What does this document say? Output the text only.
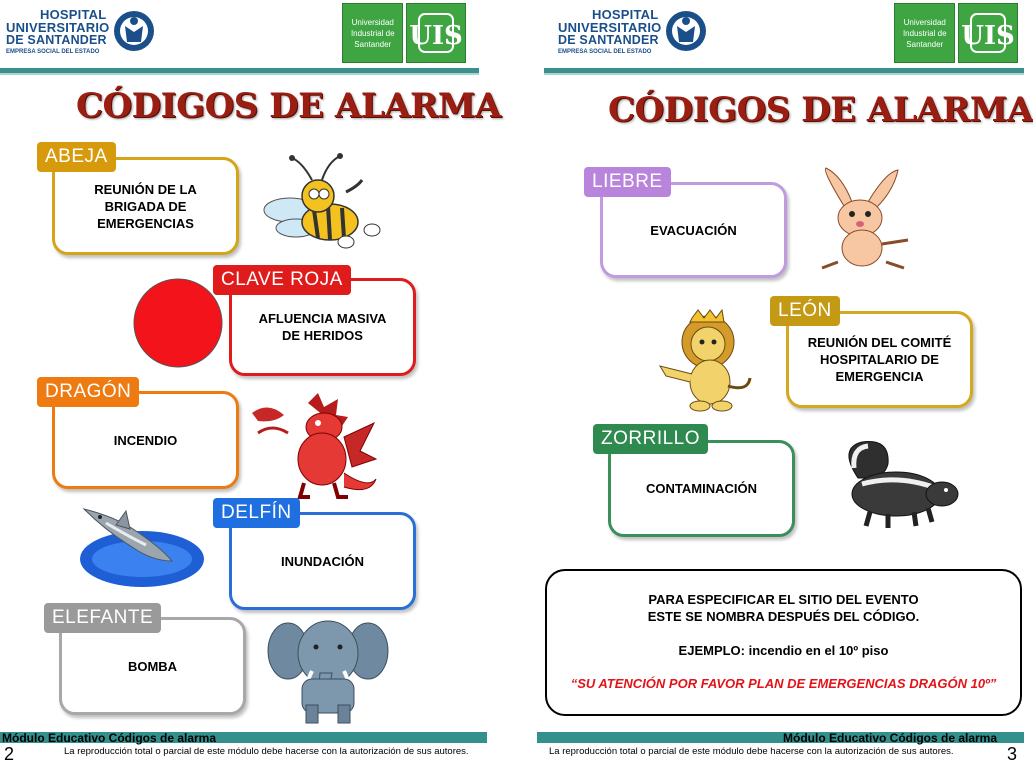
HOSPITAL
UNIVERSITARIO
DE SANTANDER
EMPRESA SOCIAL DEL ESTADO
Universidad
Industrial de
Santander UIS
CÓDIGOS DE ALARMA
REUNIÓN DE LA
BRIGADA DE
EMERGENCIAS
ABEJA
AFLUENCIA MASIVA
DE HERIDOS
CLAVE ROJA
INCENDIO
DRAGÓN
INUNDACIÓN
DELFÍN
BOMBA
ELEFANTE
Módulo Educativo Códigos de alarma
2	La reproducción total o parcial de este módulo debe hacerse con la autorización de sus autores.
HOSPITAL
UNIVERSITARIO
DE SANTANDER
EMPRESA SOCIAL DEL ESTADO
Universidad
Industrial de
Santander UIS
CÓDIGOS DE ALARMA
EVACUACIÓN
LIEBRE
REUNIÓN DEL COMITÉ
HOSPITALARIO DE
EMERGENCIA
LEÓN
CONTAMINACIÓN
ZORRILLO
Módulo Educativo Códigos de alarma
La reproducción total o parcial de este módulo debe hacerse con la autorización de sus autores.	3
PARA ESPECIFICAR EL SITIO DEL EVENTO
ESTE SE NOMBRA DESPUÉS DEL CÓDIGO.
EJEMPLO: incendio en el 10º piso
“SU ATENCIÓN POR FAVOR PLAN DE EMERGENCIAS DRAGÓN 10º”
